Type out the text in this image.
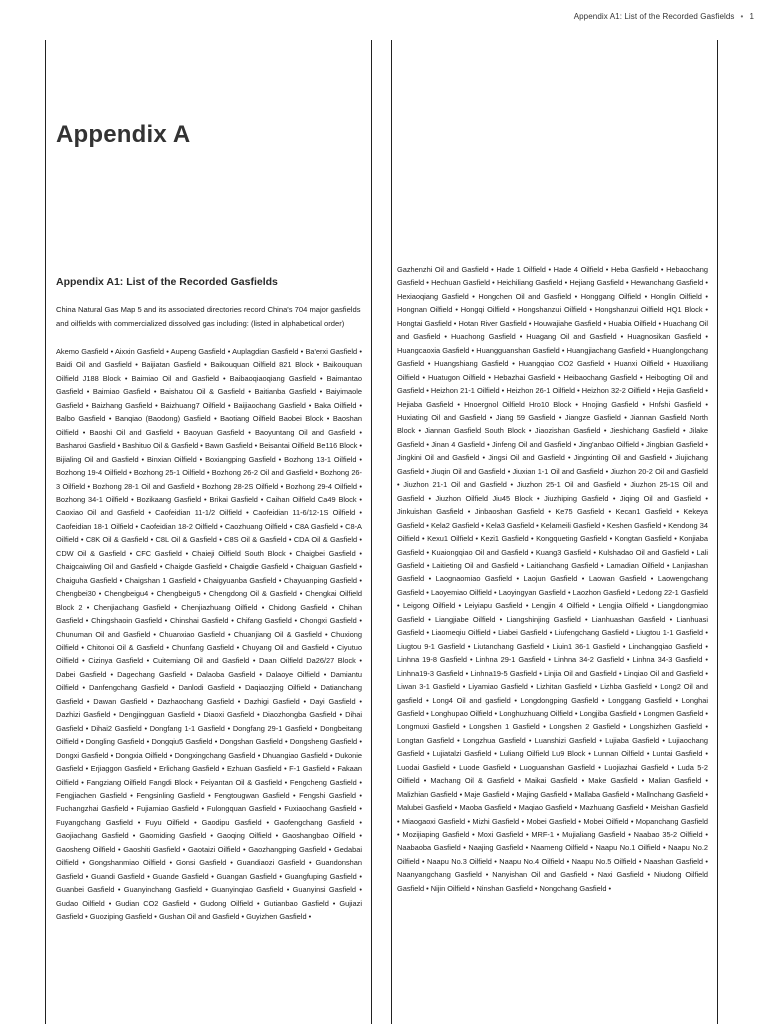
Appendix A1: List of the Recorded Gasfields • 1
Appendix A
Appendix A1: List of the Recorded Gasfields

China Natural Gas Map 5 and its associated directories record China's 704 major gasfields and oilfields with commercialized dissolved gas including: (listed in alphabetical order)

Akemo Gasfield • Aixxin Gasfield • Aupeng Gasfield • Auplagdian Gasfield • Ba'erxi Gasfield • Baidi Oil and Gasfield • Baijiatan Gasfield • Baikouquan Oilfield 821 Block • Baikouquan Oilfield J188 Block • Baimiao Oil and Gasfield • Baibaoqiaoqiang Gasfield • Baimantao Gasfield • Baimiao Gasfield • Baishatou Oil & Gasfield • Baitianba Gasfield • Baiyimaole Gasfield • Baizhang Gasfield • Baizhuang7 Oilfield • Baijiaochang Gasfield • Baka Oilfield • Balbo Gasfield • Banqiao (Baodong) Gasfield • Baotiang Oilfield Baobei Block • Baoshan Oilfield • Baoshi Oil and Gasfield • Baoyuan Gasfield • Baoyuntang Oil and Gasfield • Bashanxi Gasfield • Bashituo Oil & Gasfield • Bawn Gasfield • Beisantai Oilfield Be116 Block • Bijialing Oil and Gasfield • Binxian Oilfield • Boxiangping Gasfield • Bozhong 13-1 Oilfield • Bozhong 19-4 Oilfield • Bozhong 25-1 Oilfield • Bozhong 26-2 Oil and Gasfield • Bozhong 26-3 Oilfield • Bozhong 28-1 Oil and Gasfield • Bozhong 28-2S Oilfield • Bozhong 29-4 Oilfield • Bozhong 34-1 Oilfield • Bozikaang Gasfield • Brikai Gasfield • Caihan Oilfield Ca49 Block • Caoxiao Oil and Gasfield • Caofeidian 11-1/2 Oilfield • Caofeidian 11-6/12-1S Oilfield • Caofeidian 18-1 Oilfield • Caofeidian 18-2 Oilfield • Caozhuang Oilfield • C8A Gasfield • C8-A Oilfield • C8K Oil & Gasfield • C8L Oil & Gasfield • C8S Oil & Gasfield • CDA Oil & Gasfield • CDW Oil & Gasfield • CFC Gasfield • Chaieji Oilfield South Block • Chaigbei Gasfield • Chaigcaiwling Oil and Gasfield • Chaigde Gasfield • Chaigdie Gasfield • Chaiguan Gasfield • Chaiguha Gasfield • Chaigshan 1 Gasfield • Chaigyuanba Gasfield • Chayuanping Gasfield • Chengbei30 • Chengbeigu4 • Chengbeigu5 • Chengdong Oil & Gasfield • Chengkai Oilfield Block 2 • Chenjiachang Gasfield • Chenjiazhuang Oilfield • Chidong Gasfield • Chihan Gasfield • Chingshaoin Gasfield • Chinshai Gasfield • Chifang Gasfield • Chongxi Gasfield • Chunuman Oil and Gasfield • Chuanxiao Gasfield • Chuanjiang Oil & Gasfield • Chuxiong Oilfield • Chitonoi Oil & Gasfield • Chunfang Gasfield • Chuyang Oil and Gasfield • Ciyutuo Oilfield • Cizinya Gasfield • Cuitemiang Oil and Gasfield • Daan Oilfield Da26/27 Block • Dabei Gasfield • Dagechang Gasfield • Dalaoba Gasfield • Dalaoye Oilfield • Damiantu Oilfield • Danfengchang Gasfield • Danlodi Gasfield • Daqiaozjing Oilfield • Datianchang Gasfield • Dawan Gasfield • Dazhaochang Gasfield • Dazhigi Gasfield • Dayi Gasfield • Dazhizi Gasfield • Dengjingguan Gasfield • Diaoxi Gasfield • Diaozhongba Gasfield • Dihai Gasfield • Dihai2 Gasfield • Dongfang 1-1 Gasfield • Dongfang 29-1 Gasfield • Dongbeitang Oilfield • Dongling Gasfield • Dongqiu5 Gasfield • Dongshan Gasfield • Dongsheng Gasfield • Dongxi Gasfield • Dongxia Oilfield • Dongxingchang Gasfield • Dhuangiao Gasfield • Dukonie Gasfield • Erjiaggon Gasfield • Erlichang Gasfield • Ezhuan Gasfield • F-1 Gasfield • Fakaan Oilfield • Fangziang Oilfield Fangdi Block • Feiyantan Oil & Gasfield • Fengcheng Gasfield • Fengjiachen Gasfield • Fengsinling Gasfield • Fengtougwan Gasfield • Fengshi Gasfield • Fuchangzhai Gasfield • Fujiamiao Gasfield • Fulongquan Gasfield • Fuxiaochang Gasfield • Fuyangchang Gasfield • Fuyu Oilfield • Gaodipu Gasfield • Gaofengchang Gasfield • Gaojiachang Gasfield • Gaomiding Gasfield • Gaoqing Oilfield • Gaoshangbao Oilfield • Gaosheng Oilfield • Gaoshiti Gasfield • Gaotaizi Oilfield • Gaozhangping Gasfield • Gedabai Oilfield • Gongshanmiao Oilfield • Gonsi Gasfield • Guandiaozi Gasfield • Guandonshan Gasfield • Guandi Gasfield • Guande Gasfield • Guangan Gasfield • Guangfuping Gasfield • Guanbei Gasfield • Guanyinchang Gasfield • Guanyinqiao Gasfield • Guanyinsi Gasfield • Gudao Oilfield • Gudian CO2 Gasfield • Gudong Oilfield • Gutianbao Gasfield • Gujiazi Gasfield • Guoziping Gasfield • Gushan Oil and Gasfield • Guyizhen Gasfield •
Gazhenzhi Oil and Gasfield • Hade 1 Oilfield • Hade 4 Oilfield • Heba Gasfield • Hebaochang Gasfield • Hechuan Gasfield • Heichiliang Gasfield • Hejiang Gasfield • Hewanchang Gasfield • Hexiaoqiang Gasfield • Hongchen Oil and Gasfield • Honggang Oilfield • Honglin Oilfield • Hongnan Oilfield • Hongqi Oilfield • Hongshanzui Oilfield • Hongshanzui Oilfield HQ1 Block • Hongtai Gasfield • Hotan River Gasfield • Houwajiahe Gasfield • Huabia Oilfield • Huachang Oil and Gasfield • Huachong Gasfield • Huagang Oil and Gasfield • Huagnosikan Gasfield • Huangcaoxia Gasfield • Huangguanshan Gasfield • Huangjiachang Gasfield • Huanglongchang Gasfield • Huangshiang Gasfield • Huangqiao CO2 Gasfield • Huanxi Oilfield • Huaxiliang Oilfield • Huatugon Oilfield • Hebazhai Gasfield • Heibaochang Gasfield • Heibogting Oil and Gasfield • Heizhon 21-1 Oilfield • Heizhon 26-1 Oilfield • Heizhon 32-2 Oilfield • Hejia Gasfield • Hejiaba Gasfield • Hnoergnol Oilfield Hro10 Block • Hnojing Gasfield • Hnfshi Gasfield • Huxiating Oil and Gasfield • Jiang 59 Gasfield • Jiangze Gasfield • Jiannan Gasfield North Block • Jiannan Gasfield South Block • Jiaozishan Gasfield • Jieshichang Gasfield • Jilake Gasfield • Jinan 4 Gasfield • Jinfeng Oil and Gasfield • Jing'anbao Oilfield • Jingbian Gasfield • Jingkini Oil and Gasfield • Jingsi Oil and Gasfield • Jingxinting Oil and Gasfield • Jiujichang Gasfield • Jiuqin Oil and Gasfield • Jiuxian 1-1 Oil and Gasfield • Jiuzhon 20-2 Oil and Gasfield • Jiuzhon 21-1 Oil and Gasfield • Jiuzhon 25-1 Oil and Gasfield • Jiuzhon 25-1S Oil and Gasfield • Jiuzhon Oilfield Jiu45 Block • Jiuzhiping Gasfield • Jiqing Oil and Gasfield • Jinkuishan Gasfield • Jinbaoshan Gasfield • Ke75 Gasfield • Kecan1 Gasfield • Kekeya Gasfield • Kela2 Gasfield • Kela3 Gasfield • Kelameili Gasfield • Keshen Gasfield • Kendong 34 Oilfield • Kexu1 Oilfield • Kezi1 Gasfield • Kongqueting Gasfield • Kongtan Gasfield • Konjiaba Gasfield • Kuaiongqiao Oil and Gasfield • Kuang3 Gasfield • Kulshadao Oil and Gasfield • Lali Gasfield • Laitieting Oil and Gasfield • Laitianchang Gasfield • Lamadian Oilfield • Lanjiashan Gasfield • Laognaomiao Gasfield • Laojun Gasfield • Laowan Gasfield • Laowengchang Gasfield • Laoyemiao Oilfield • Laoyingyan Gasfield • Laozhon Gasfield • Ledong 22-1 Gasfield • Leigong Oilfield • Leiyiapu Gasfield • Lengjin 4 Oilfield • Lengjia Oilfield • Liangdongmiao Gasfield • Liangjiabe Oilfield • Liangshinjing Gasfield • Lianhuashan Gasfield • Lianhuasi Gasfield • Liaomeqiu Oilfield • Liabei Gasfield • Liufengchang Gasfield • Liugtou 1-1 Gasfield • Liugtou 9-1 Gasfield • Liutanchang Gasfield • Liuin1 36-1 Gasfield • Linchangqiao Gasfield • Linhna 19-8 Gasfield • Linhna 29-1 Gasfield • Linhna 34-2 Gasfield • Linhna 34-3 Gasfield • Linhna19-3 Gasfield • Linhna19-5 Gasfield • Linjia Oil and Gasfield • Linqiao Oil and Gasfield • Liwan 3-1 Gasfield • Liyamiao Gasfield • Lizhitan Gasfield • Lizhba Gasfield • Long2 Oil and gasfield • Long4 Oil and gasfield • Longdongping Gasfield • Longgang Gasfield • Longhai Gasfield • Longhupao Oilfield • Longhuzhuang Oilfield • Longjiba Gasfield • Longmen Gasfield • Longmuxi Gasfield • Longshen 1 Gasfield • Longshen 2 Gasfield • Longshizhen Gasfield • Longtan Gasfield • Longzhua Gasfield • Luanshizi Gasfield • Lujiaba Gasfield • Lujiaochang Gasfield • Lujiatalzi Gasfield • Luliang Oilfield Lu9 Block • Lunnan Oilfield • Luntai Gasfield • Luodai Gasfield • Luode Gasfield • Luoguanshan Gasfield • Luojiazhai Gasfield • Luda 5-2 Oilfield • Machang Oil & Gasfield • Maikai Gasfield • Make Gasfield • Malian Gasfield • Malizhian Gasfield • Maje Gasfield • Majing Gasfield • Mallaba Gasfield • Mallnchang Gasfield • Malubei Gasfield • Maoba Gasfield • Maqiao Gasfield • Mazhuang Gasfield • Meishan Gasfield • Miaogaoxi Gasfield • Mizhi Gasfield • Mobei Gasfield • Mobei Oilfield • Mopanchang Gasfield • Mozijiaping Gasfield • Moxi Gasfield • MRF-1 • Mujialiang Gasfield • Naabao 35-2 Oilfield • Naabaoba Gasfield • Naajing Gasfield • Naameng Oilfield • Naapu No.1 Oilfield • Naapu No.2 Oilfield • Naapu No.3 Oilfield • Naapu No.4 Oilfield • Naapu No.5 Oilfield • Naashan Gasfield • Naanyangchang Gasfield • Nanyishan Oil and Gasfield • Naxi Gasfield • Niudong Oilfield Gasfield • Nijin Oilfield • Ninshan Gasfield • Nongchang Gasfield •
